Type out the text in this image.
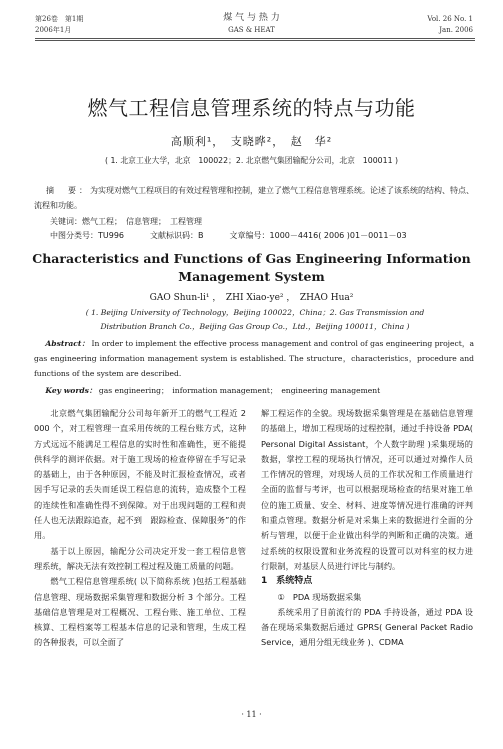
第26卷　第1期
2006年1月
煤 气 与 热 力
GAS & HEAT
Vol. 26 No. 1
Jan. 2006
燃气工程信息管理系统的特点与功能
高顺利¹，　支晓晔²，　赵　华²
( 1. 北京工业大学，北京　100022；2. 北京燃气集团输配分公司，北京　100011 )
摘　要：为实现对燃气工程项目的有效过程管理和控制，建立了燃气工程信息管理系统。论述了该系统的结构、特点、流程和功能。
关键词：燃气工程；　信息管理；　工程管理
Characteristics and Functions of Gas Engineering Information
Management System
GAO Shun-li¹ ，　ZHI Xiao-ye² ，　ZHAO Hua²
( 1. Beijing University of Technology，Beijing 100022，China；2. Gas Transmission and
Distribution Branch Co.，Beijing Gas Group Co.，Ltd.，Beijing 100011，China )
Abstract： In order to implement the effective process management and control of gas engineering project，a gas engineering information management system is established. The structure，characteristics，procedure and functions of the system are described.
Key words： gas engineering；　information management；　engineering management

北京燃气集团输配分公司每年新开工的燃气工程近 2 000 个，对工程管理一直采用传统的工程台账方式，这种方式远远不能满足工程信息的实时性和准确性，更不能提供科学的测评依据。对于施工现场的检查停留在手写记录的基础上，由于各种原因，不能及时汇报检查情况，或者因手写记录的丢失而延误工程信息的流转，造成整个工程的连续性和准确性得不到保障。对于出现问题的工程和责任人也无法跟踪追查，起不到　跟踪检查、保障服务”的作用。

基于以上原因，输配分公司决定开发一套工程信息管理系统，解决无法有效控制工程过程及施工质量的问题。

燃气工程信息管理系统( 以下简称系统 )包括工程基础信息管理、现场数据采集管理和数据分析 3 个部分。工程基础信息管理是对工程概况、工程台账、施工单位、工程核算、工程档案等工程基本信息的记录和管理，生成工程的各种报表，可以全面了

解工程运作的全貌。现场数据采集管理是在基础信息管理的基础上，增加工程现场的过程控制，通过手持设备 PDA( Personal Digital Assistant，个人数字助理 )采集现场的数据，掌控工程的现场执行情况，还可以通过对操作人员工作情况的管理，对现场人员的工作状况和工作质量进行全面的监督与考评，也可以根据现场检查的结果对施工单位的施工质量、安全、材料、进度等情况进行准确的评判和重点管理。数据分析是对采集上来的数据进行全面的分析与管理，以便于企业做出科学的判断和正确的决策。通过系统的权限设置和业务流程的设置可以对科室的权力进行限制，对基层人员进行评比与制约。

1　系统特点

①　PDA 现场数据采集

系统采用了目前流行的 PDA 手持设备，通过 PDA 设备在现场采集数据后通过 GPRS( General Packet Radio Service，通用分组无线业务 )、CDMA

· 11 ·
中图分类号：TU996	文献标识码：B	文章编号：1000－4416( 2006 )01－0011－03
